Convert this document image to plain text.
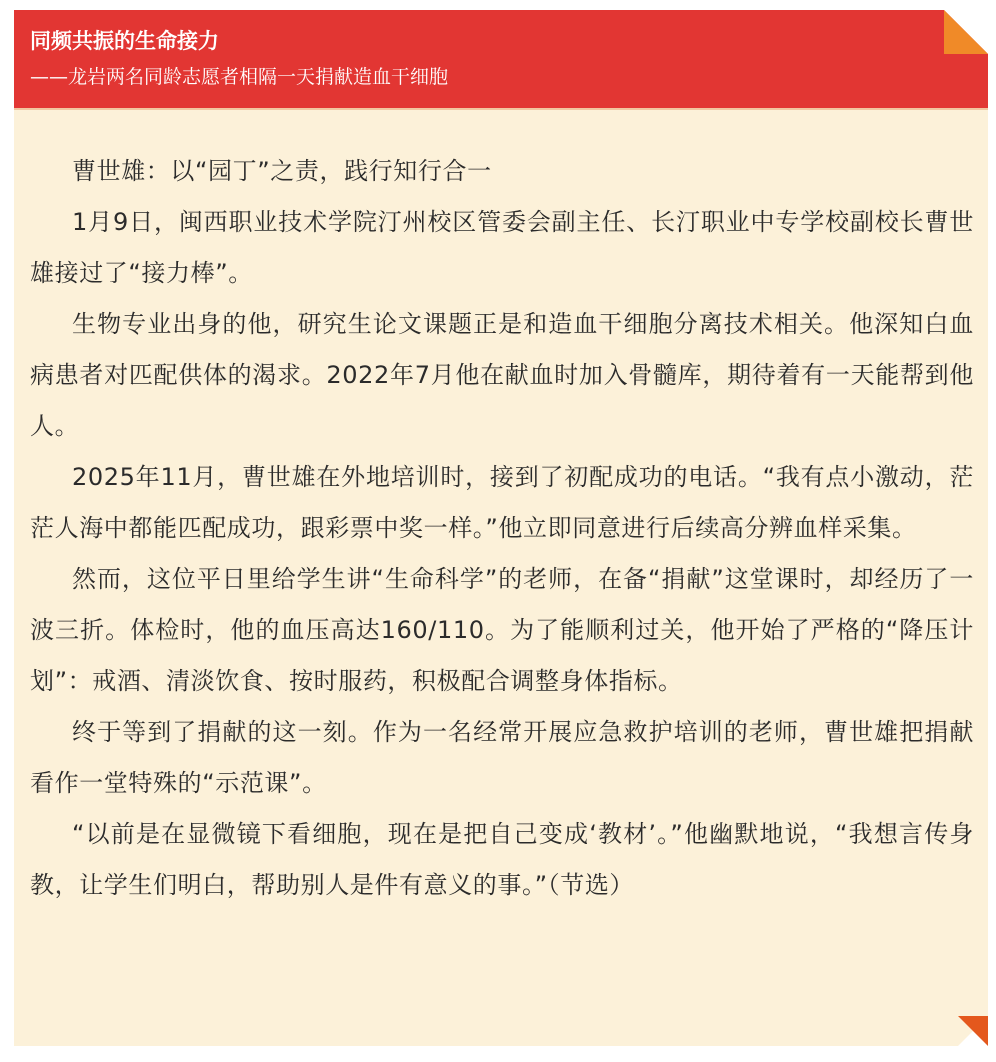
同频共振的生命接力
——龙岩两名同龄志愿者相隔一天捐献造血干细胞

曹世雄：以“园丁”之责，践行知行合一

1月9日，闽西职业技术学院汀州校区管委会副主任、长汀职业中专学校副校长曹世雄接过了“接力棒”。

生物专业出身的他，研究生论文课题正是和造血干细胞分离技术相关。他深知白血病患者对匹配供体的渴求。2022年7月他在献血时加入骨髓库，期待着有一天能帮到他人。

2025年11月，曹世雄在外地培训时，接到了初配成功的电话。“我有点小激动，茫茫人海中都能匹配成功，跟彩票中奖一样。”他立即同意进行后续高分辨血样采集。

然而，这位平日里给学生讲“生命科学”的老师，在备“捐献”这堂课时，却经历了一波三折。体检时，他的血压高达160/110。为了能顺利过关，他开始了严格的“降压计划”：戒酒、清淡饮食、按时服药，积极配合调整身体指标。

终于等到了捐献的这一刻。作为一名经常开展应急救护培训的老师，曹世雄把捐献看作一堂特殊的“示范课”。

“以前是在显微镜下看细胞，现在是把自己变成‘教材’。”他幽默地说，“我想言传身教，让学生们明白，帮助别人是件有意义的事。”（节选）
